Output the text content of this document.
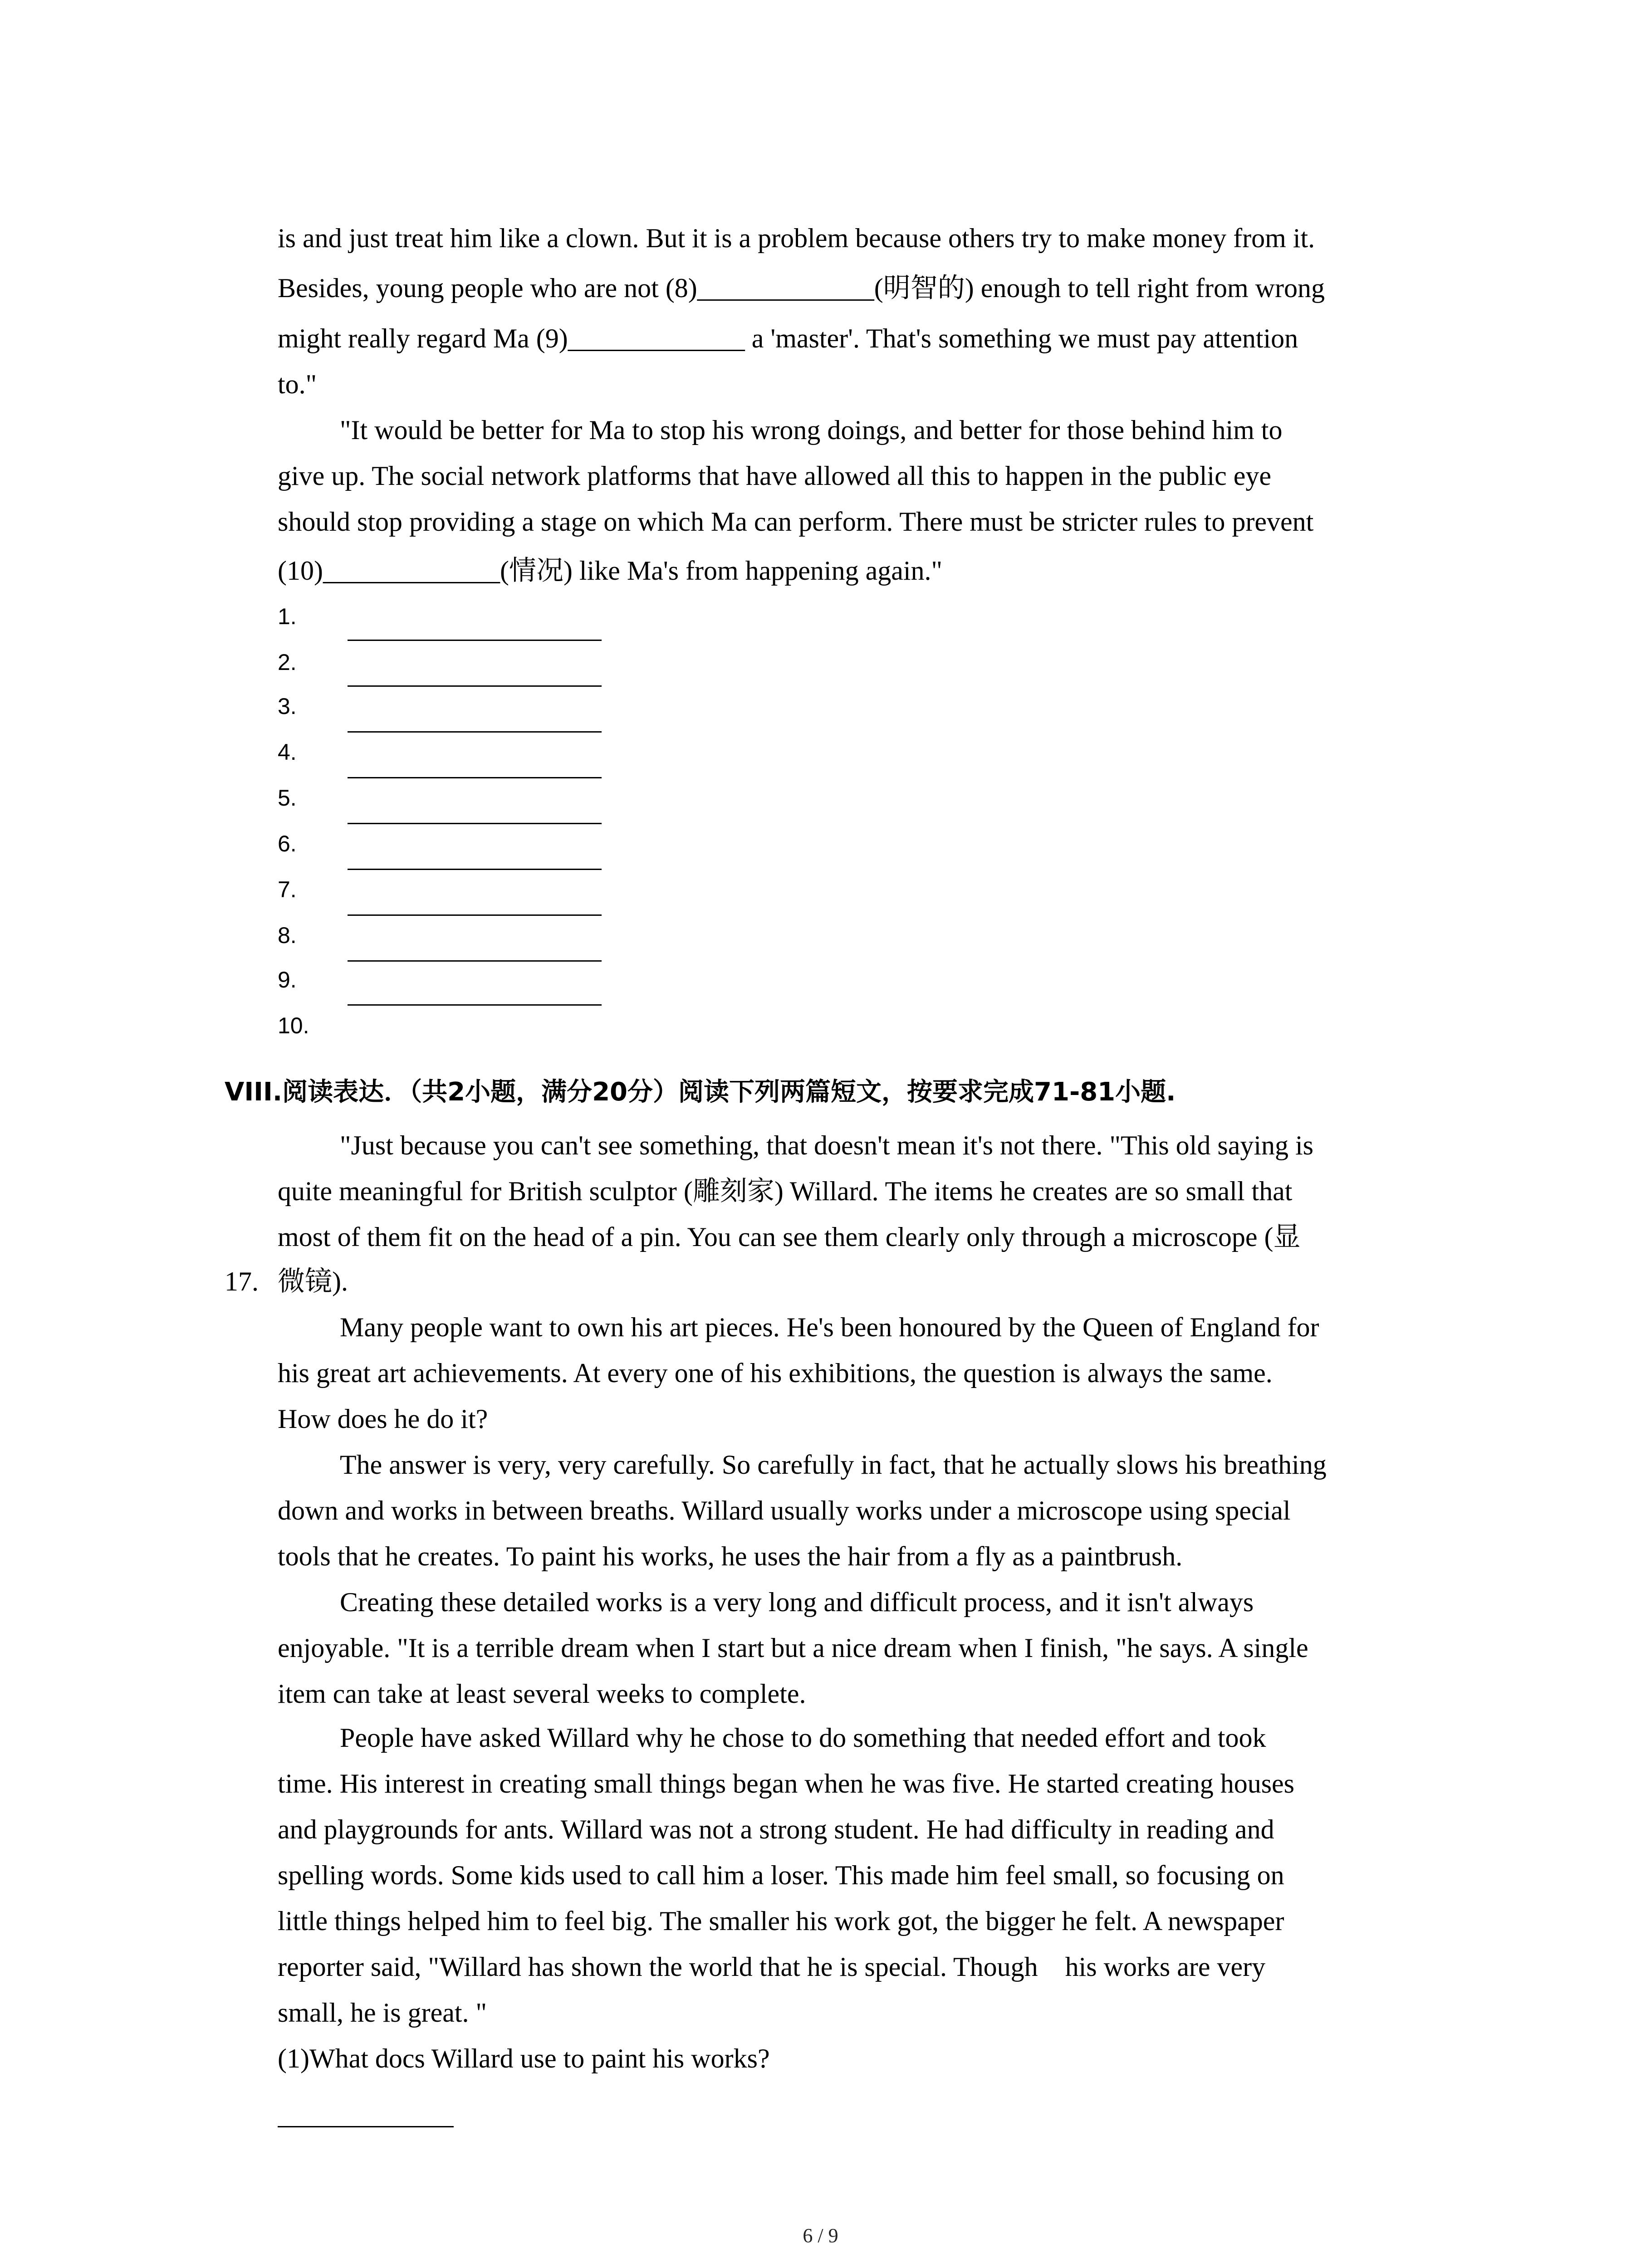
is and just treat him like a clown. But it is a problem because others try to make money from it.
Besides, young people who are not (8)_____________(明智的) enough to tell right from wrong
might really regard Ma (9)_____________ a 'master'. That's something we must pay attention
to."
"It would be better for Ma to stop his wrong doings, and better for those behind him to
give up. The social network platforms that have allowed all this to happen in the public eye
should stop providing a stage on which Ma can perform. There must be stricter rules to prevent
(10)_____________(情况) like Ma's from happening again."
1.
2.
3.
4.
5.
6.
7.
8.
9.
10.
VIII.阅读表达．（共2小题，满分20分）阅读下列两篇短文，按要求完成71-81小题.
17.
"Just because you can't see something, that doesn't mean it's not there. "This old saying is
quite meaningful for British sculptor (雕刻家) Willard. The items he creates are so small that
most of them fit on the head of a pin. You can see them clearly only through a microscope (显
微镜).
Many people want to own his art pieces. He's been honoured by the Queen of England for
his great art achievements. At every one of his exhibitions, the question is always the same.
How does he do it?
The answer is very, very carefully. So carefully in fact, that he actually slows his breathing
down and works in between breaths. Willard usually works under a microscope using special
tools that he creates. To paint his works, he uses the hair from a fly as a paintbrush.
Creating these detailed works is a very long and difficult process, and it isn't always
enjoyable. "It is a terrible dream when I start but a nice dream when I finish, "he says. A single
item can take at least several weeks to complete.
People have asked Willard why he chose to do something that needed effort and took
time. His interest in creating small things began when he was five. He started creating houses
and playgrounds for ants. Willard was not a strong student. He had difficulty in reading and
spelling words. Some kids used to call him a loser. This made him feel small, so focusing on
little things helped him to feel big. The smaller his work got, the bigger he felt. A newspaper
reporter said, "Willard has shown the world that he is special. Though    his works are very
small, he is great. "
(1)What docs Willard use to paint his works?
6 / 9
